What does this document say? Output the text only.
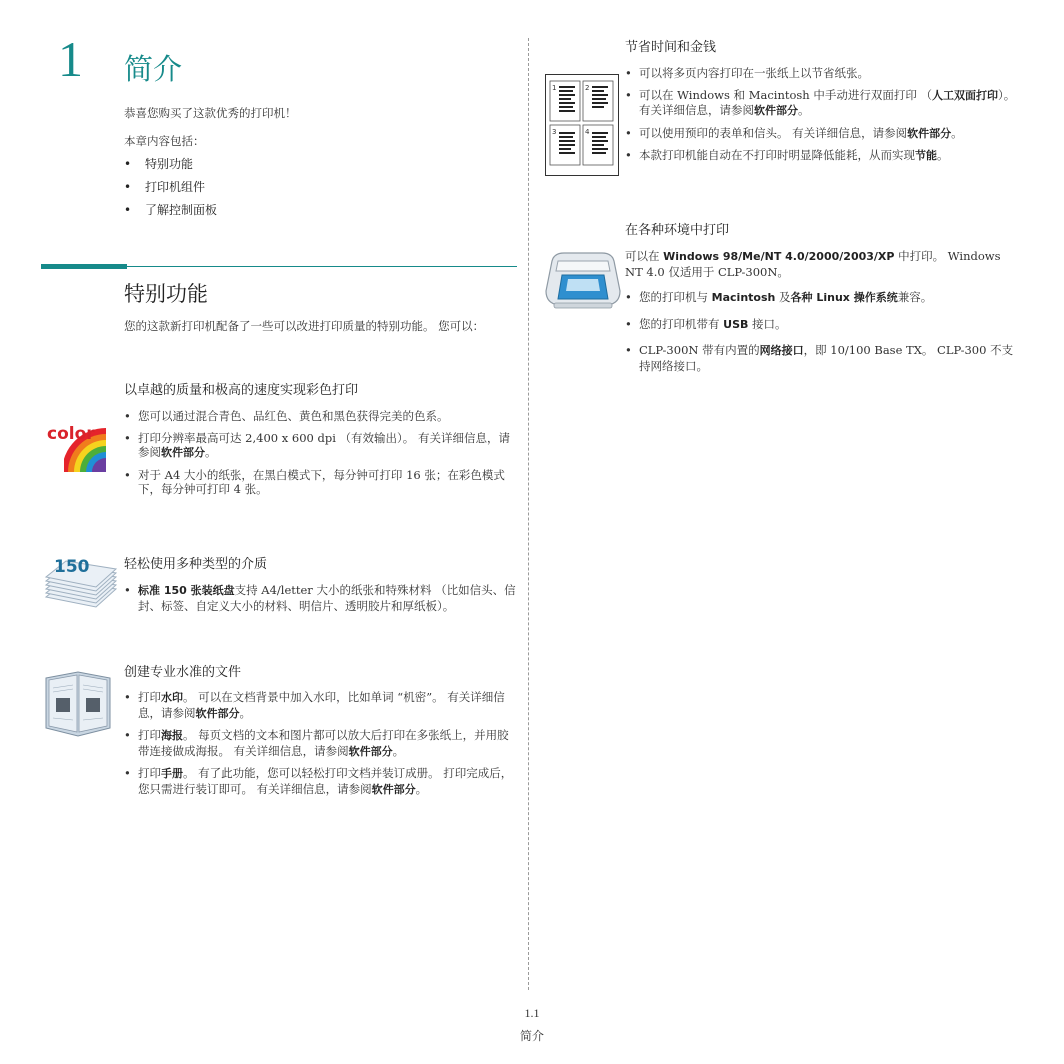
1 简介
恭喜您购买了这款优秀的打印机！
本章内容包括：
• 特别功能
• 打印机组件
• 了解控制面板
特别功能
您的这款新打印机配备了一些可以改进打印质量的特别功能。 您可以：
color
以卓越的质量和极高的速度实现彩色打印
• 您可以通过混合青色、品红色、黄色和黑色获得完美的色系。
• 打印分辨率最高可达 2,400 x 600 dpi （有效输出）。 有关详细信息，请参阅软件部分。
• 对于 A4 大小的纸张，在黑白模式下，每分钟可打印 16 张；在彩色模式下，每分钟可打印 4 张。
150	轻松使用多种类型的介质
• 标准 150 张装纸盘支持 A4/letter 大小的纸张和特殊材料 （比如信头、信封、标签、自定义大小的材料、明信片、透明胶片和厚纸板）。
创建专业水准的文件
• 打印水印。 可以在文档背景中加入水印，比如单词 “机密”。 有关详细信息，请参阅软件部分。
• 打印海报。 每页文档的文本和图片都可以放大后打印在多张纸上，并用胶带连接做成海报。 有关详细信息，请参阅软件部分。
• 打印手册。 有了此功能，您可以轻松打印文档并装订成册。 打印完成后，您只需进行装订即可。 有关详细信息，请参阅软件部分。
1	2
3	4
节省时间和金钱
• 可以将多页内容打印在一张纸上以节省纸张。
• 可以在 Windows 和 Macintosh 中手动进行双面打印 （人工双面打印）。 有关详细信息，请参阅软件部分。
• 可以使用预印的表单和信头。 有关详细信息，请参阅软件部分。
• 本款打印机能自动在不打印时明显降低能耗，从而实现节能。
在各种环境中打印
可以在 Windows 98/Me/NT 4.0/2000/2003/XP 中打印。 Windows NT 4.0 仅适用于 CLP-300N。
• 您的打印机与 Macintosh 及各种 Linux 操作系统兼容。
• 您的打印机带有 USB 接口。
• CLP-300N 带有内置的网络接口，即 10/100 Base TX。 CLP-300 不支持网络接口。
1.1
简介
